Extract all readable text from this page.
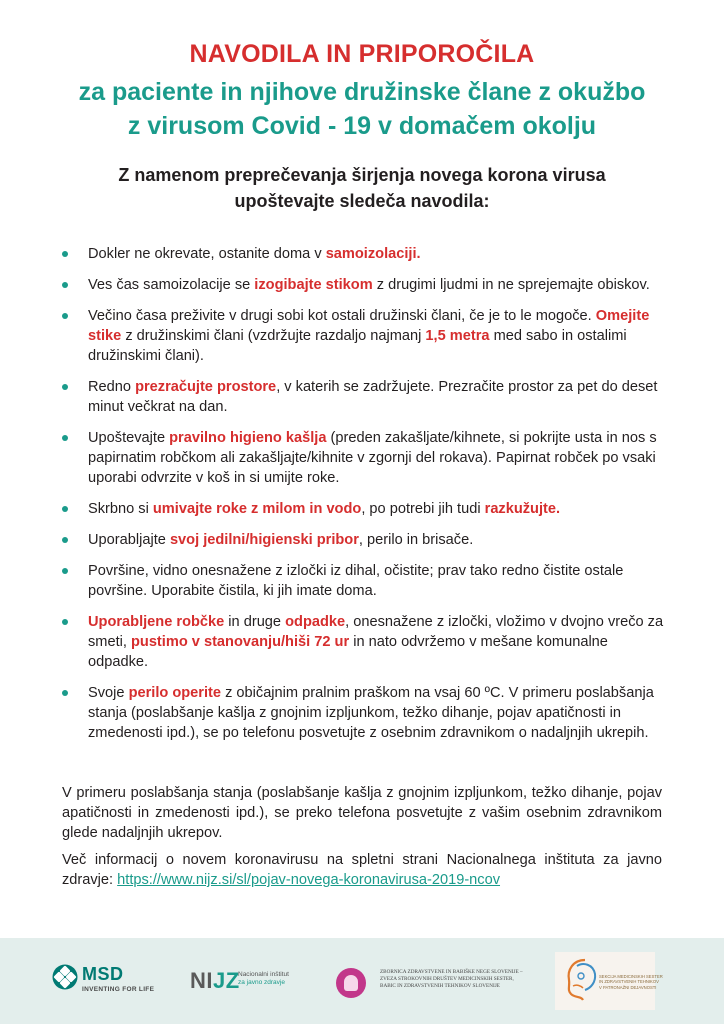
NAVODILA IN PRIPOROČILA
za paciente in njihove družinske člane z okužbo
z virusom Covid - 19 v domačem okolju
Z namenom preprečevanja širjenja novega korona virusa
upoštevajte sledeča navodila:
Dokler ne okrevate, ostanite doma v samoizolaciji.
Ves čas samoizolacije se izogibajte stikom z drugimi ljudmi in ne sprejemajte obiskov.
Večino časa preživite v drugi sobi kot ostali družinski člani, če je to le mogoče. Omejite stike z družinskimi člani (vzdržujte razdaljo najmanj 1,5 metra med sabo in ostalimi družinskimi člani).
Redno prezračujte prostore, v katerih se zadržujete. Prezračite prostor za pet do deset minut večkrat na dan.
Upoštevajte pravilno higieno kašlja (preden zakašljate/kihnete, si pokrijte usta in nos s papirnatim robčkom ali zakašljajte/kihnite v zgornji del rokava). Papirnat robček po vsaki uporabi odvrzite v koš in si umijte roke.
Skrbno si umivajte roke z milom in vodo, po potrebi jih tudi razkužujte.
Uporabljajte svoj jedilni/higienski pribor, perilo in brisače.
Površine, vidno onesnažene z izločki iz dihal, očistite; prav tako redno čistite ostale površine. Uporabite čistila, ki jih imate doma.
Uporabljene robčke in druge odpadke, onesnažene z izločki, vložimo v dvojno vrečo za smeti, pustimo v stanovanju/hiši 72 ur in nato odvržemo v mešane komunalne odpadke.
Svoje perilo operite z običajnim pralnim praškom na vsaj 60 ºC. V primeru poslabšanja stanja (poslabšanje kašlja z gnojnim izpljunkom, težko dihanje, pojav apatičnosti in zmedenosti ipd.), se po telefonu posvetujte z osebnim zdravnikom o nadaljnjih ukrepih.
V primeru poslabšanja stanja (poslabšanje kašlja z gnojnim izpljunkom, težko dihanje, pojav apatičnosti in zmedenosti ipd.), se preko telefona posvetujte z vašim osebnim zdravnikom glede nadaljnjih ukrepov.
Več informacij o novem koronavirusu na spletni strani Nacionalnega inštituta za javno zdravje: https://www.nijz.si/sl/pojav-novega-koronavirusa-2019-ncov
MSD
INVENTING FOR LIFE NIJZ
Nacionalni inštitut
za javno zdravje
ZBORNICA ZDRAVSTVENE IN BABIŠKE NEGE SLOVENIJE –
ZVEZA STROKOVNIH DRUŠTEV MEDICINSKIH SESTER,
BABIC IN ZDRAVSTVENIH TEHNIKOV SLOVENIJE
SEKCIJA MEDICINSKIH SESTER
IN ZDRAVSTVENIH TEHNIKOV
V PATRONAŽNI DEJAVNOSTI
